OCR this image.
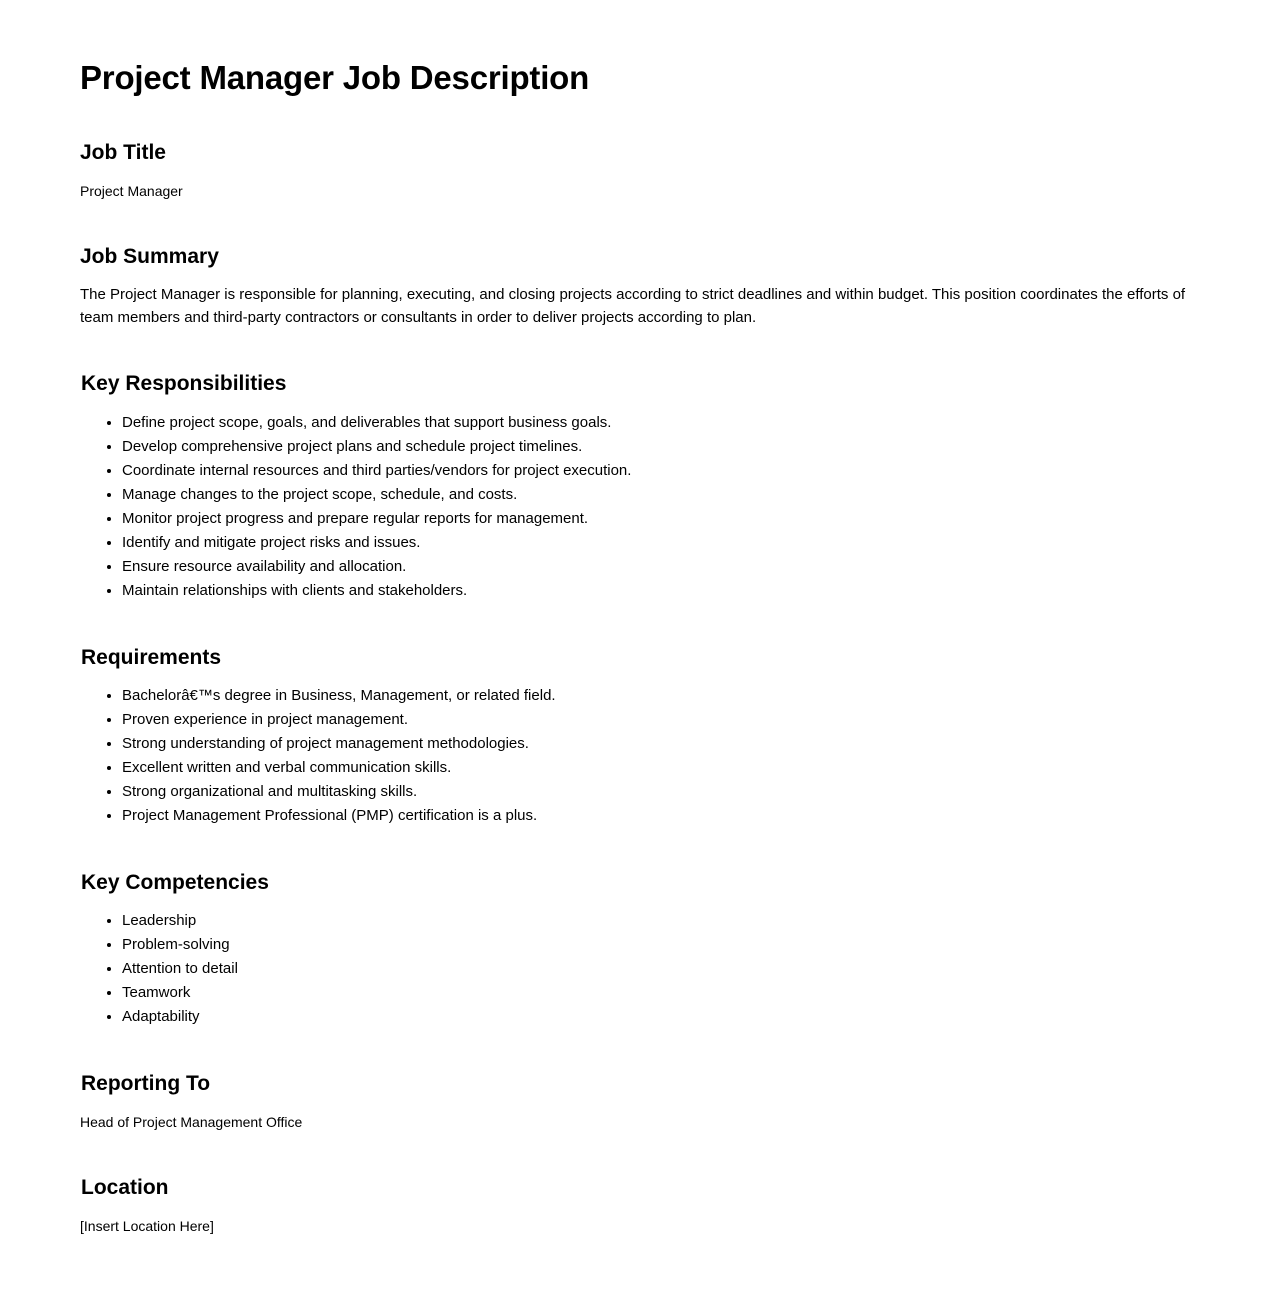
Project Manager Job Description
Job Title

Project Manager

Job Summary

The Project Manager is responsible for planning, executing, and closing projects according to strict deadlines and within budget. This position coordinates the efforts of team members and third-party contractors or consultants in order to deliver projects according to plan.

Key Responsibilities
• Define project scope, goals, and deliverables that support business goals.
• Develop comprehensive project plans and schedule project timelines.
• Coordinate internal resources and third parties/vendors for project execution.
• Manage changes to the project scope, schedule, and costs.
• Monitor project progress and prepare regular reports for management.
• Identify and mitigate project risks and issues.
• Ensure resource availability and allocation.
• Maintain relationships with clients and stakeholders.
Requirements
• Bachelorâ€™s degree in Business, Management, or related field.
• Proven experience in project management.
• Strong understanding of project management methodologies.
• Excellent written and verbal communication skills.
• Strong organizational and multitasking skills.
• Project Management Professional (PMP) certification is a plus.
Key Competencies
• Leadership
• Problem-solving
• Attention to detail
• Teamwork
• Adaptability
Reporting To

Head of Project Management Office

Location

[Insert Location Here]
